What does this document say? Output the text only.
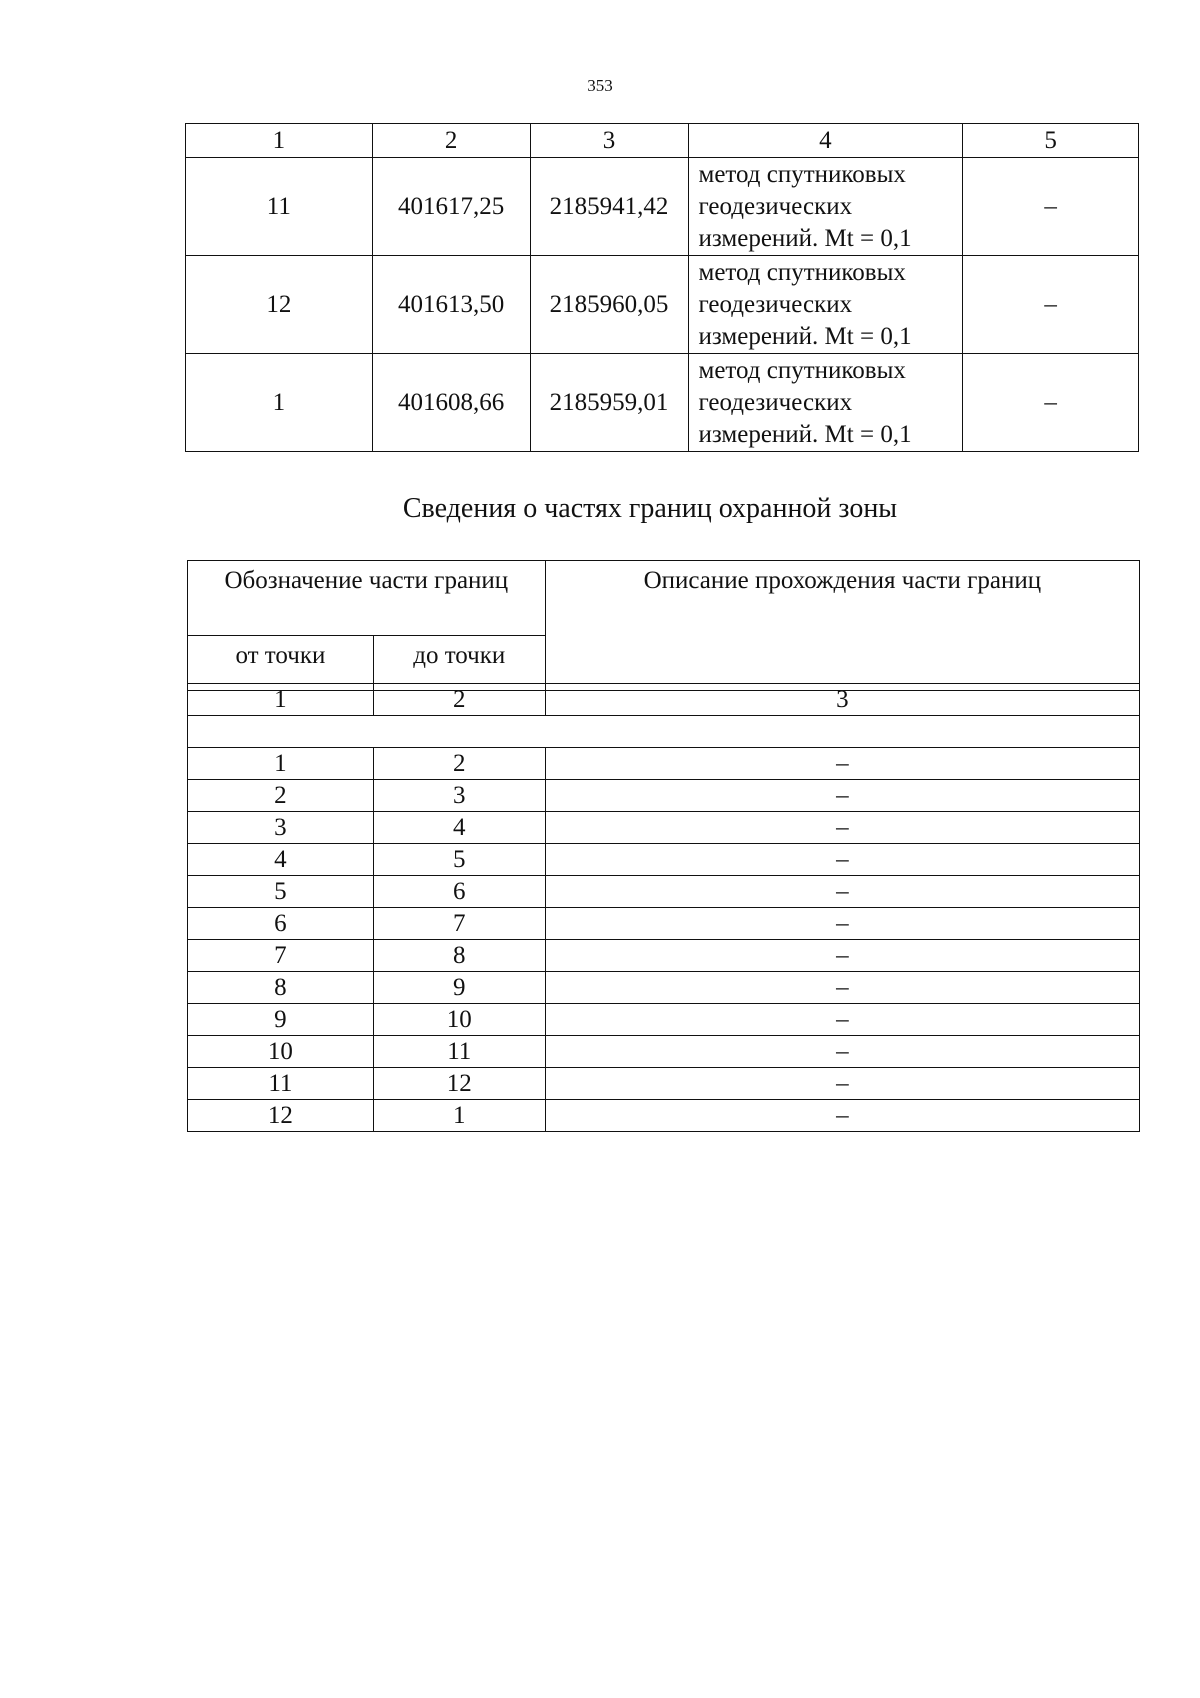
353
1	2	3	4	5
11	401617,25	2185941,42	метод спутниковых
геодезических
измерений. Mt = 0,1	–
12	401613,50	2185960,05	метод спутниковых
геодезических
измерений. Mt = 0,1	–
1	401608,66	2185959,01	метод спутниковых
геодезических
измерений. Mt = 0,1	–
Сведения о частях границ охранной зоны
Обозначение части границ		Описание прохождения части границ
от точки	до точки	
1	2	3

1	2	–
2	3	–
3	4	–
4	5	–
5	6	–
6	7	–
7	8	–
8	9	–
9	10	–
10	11	–
11	12	–
12	1	–
